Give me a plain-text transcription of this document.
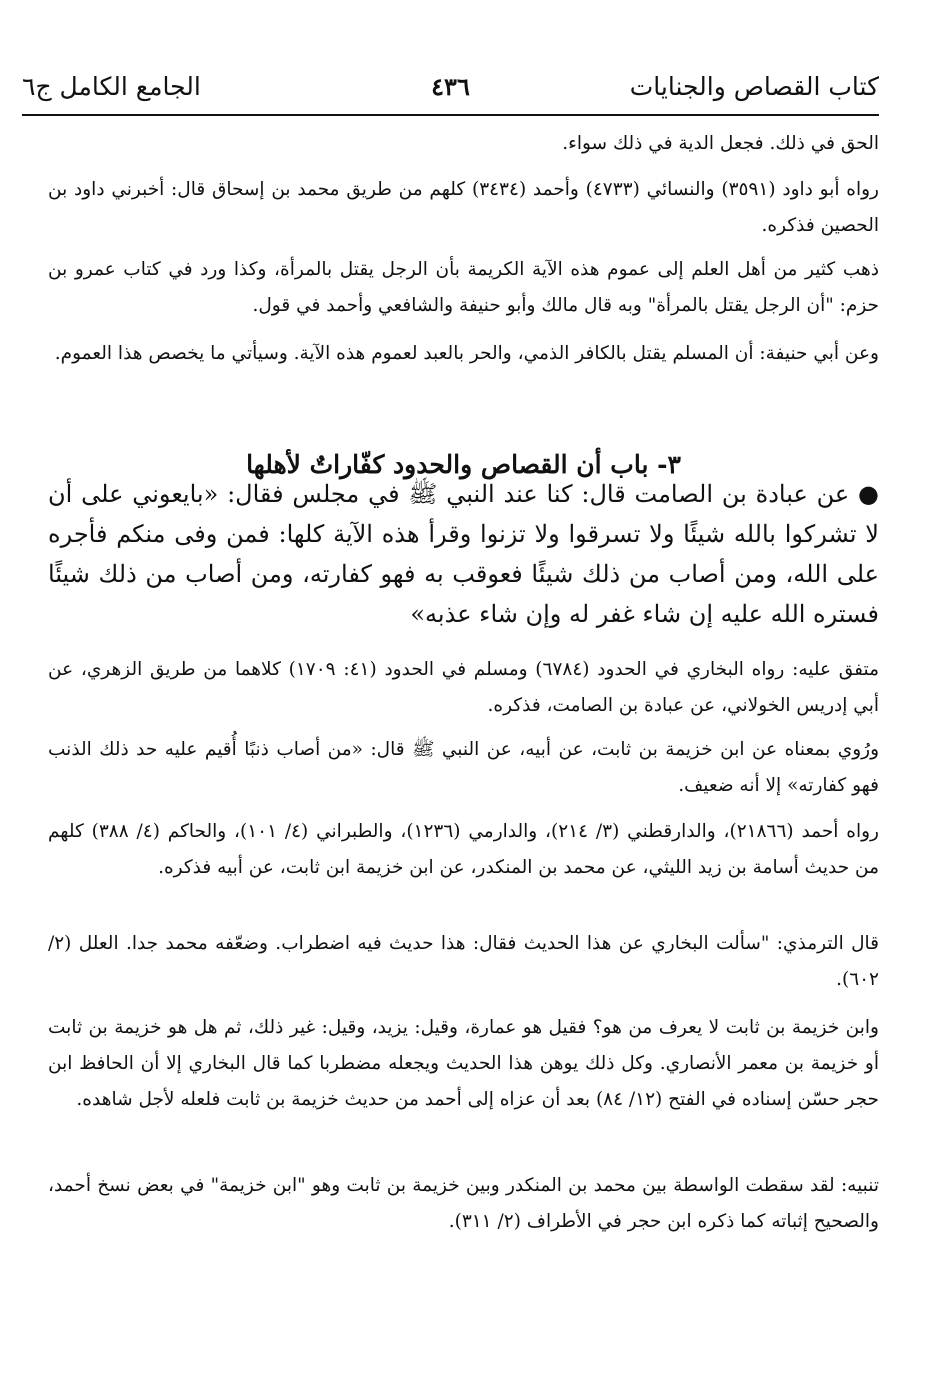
كتاب القصاص والجنايات
٤٣٦
الجامع الكامل ج٦

الحق في ذلك. فجعل الدية في ذلك سواء.

رواه أبو داود (٣٥٩١) والنسائي (٤٧٣٣) وأحمد (٣٤٣٤) كلهم من طريق محمد بن إسحاق قال: أخبرني داود بن الحصين فذكره.

ذهب كثير من أهل العلم إلى عموم هذه الآية الكريمة بأن الرجل يقتل بالمرأة، وكذا ورد في كتاب عمرو بن حزم: "أن الرجل يقتل بالمرأة" وبه قال مالك وأبو حنيفة والشافعي وأحمد في قول.

وعن أبي حنيفة: أن المسلم يقتل بالكافر الذمي، والحر بالعبد لعموم هذه الآية. وسيأتي ما يخصص هذا العموم.

٣- باب أن القصاص والحدود كفّاراتٌ لأهلها

● عن عبادة بن الصامت قال: كنا عند النبي ﷺ في مجلس فقال: «بايعوني على أن لا تشركوا بالله شيئًا ولا تسرقوا ولا تزنوا وقرأ هذه الآية كلها: فمن وفى منكم فأجره على الله، ومن أصاب من ذلك شيئًا فعوقب به فهو كفارته، ومن أصاب من ذلك شيئًا فستره الله عليه إن شاء غفر له وإن شاء عذبه»

متفق عليه: رواه البخاري في الحدود (٦٧٨٤) ومسلم في الحدود (٤١: ١٧٠٩) كلاهما من طريق الزهري، عن أبي إدريس الخولاني، عن عبادة بن الصامت، فذكره.

ورُوي بمعناه عن ابن خزيمة بن ثابت، عن أبيه، عن النبي ﷺ قال: «من أصاب ذنبًا أُقيم عليه حد ذلك الذنب فهو كفارته» إلا أنه ضعيف.

رواه أحمد (٢١٨٦٦)، والدارقطني (٣/ ٢١٤)، والدارمي (١٢٣٦)، والطبراني (٤/ ١٠١)، والحاكم (٤/ ٣٨٨) كلهم من حديث أسامة بن زيد الليثي، عن محمد بن المنكدر، عن ابن خزيمة ابن ثابت، عن أبيه فذكره.

قال الترمذي: "سألت البخاري عن هذا الحديث فقال: هذا حديث فيه اضطراب. وضعّفه محمد جدا. العلل (٢/ ٦٠٢).

وابن خزيمة بن ثابت لا يعرف من هو؟ فقيل هو عمارة، وقيل: يزيد، وقيل: غير ذلك، ثم هل هو خزيمة بن ثابت أو خزيمة بن معمر الأنصاري. وكل ذلك يوهن هذا الحديث ويجعله مضطربا كما قال البخاري إلا أن الحافظ ابن حجر حسّن إسناده في الفتح (١٢/ ٨٤) بعد أن عزاه إلى أحمد من حديث خزيمة بن ثابت فلعله لأجل شاهده.

تنبيه: لقد سقطت الواسطة بين محمد بن المنكدر وبين خزيمة بن ثابت وهو "ابن خزيمة" في بعض نسخ أحمد، والصحيح إثباته كما ذكره ابن حجر في الأطراف (٢/ ٣١١).
